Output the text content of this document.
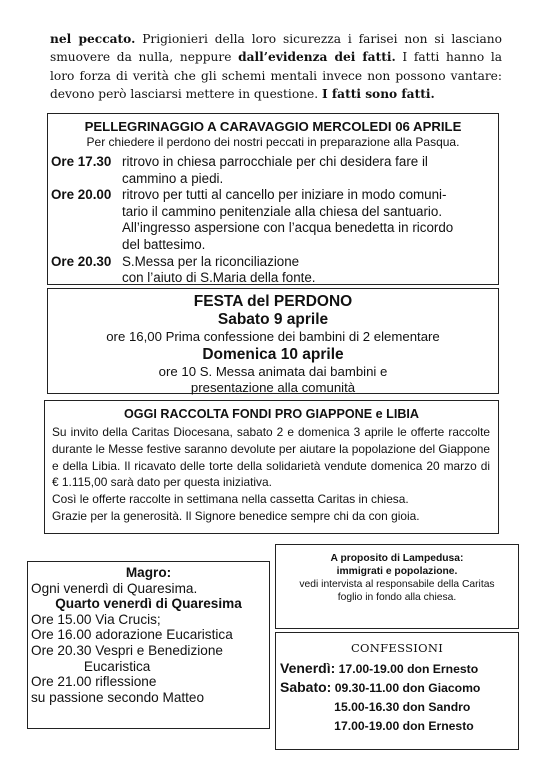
nel peccato. Prigionieri della loro sicurezza i farisei non si lasciano smuovere da nulla, neppure dall’evidenza dei fatti. I fatti hanno la loro forza di verità che gli schemi mentali invece non possono vantare: devono però lasciarsi mettere in questione. I fatti sono fatti.
PELLEGRINAGGIO A CARAVAGGIO MERCOLEDI 06 APRILE
Per chiedere il perdono dei nostri peccati in preparazione alla Pasqua.
Ore 17.30 ritrovo in chiesa parrocchiale per chi desidera fare il
cammino a piedi.
Ore 20.00 ritrovo per tutti al cancello per iniziare in modo comuni-
tario il cammino penitenziale alla chiesa del santuario.
All’ingresso aspersione con l’acqua benedetta in ricordo
del battesimo.
Ore 20.30 S.Messa per la riconciliazione
con l’aiuto di S.Maria della fonte.
FESTA del PERDONO
Sabato 9 aprile
ore 16,00 Prima confessione dei bambini di 2 elementare
Domenica 10 aprile
ore 10 S. Messa animata dai bambini e
presentazione alla comunità
OGGI RACCOLTA FONDI PRO GIAPPONE e LIBIA
Su invito della Caritas Diocesana, sabato 2 e domenica 3 aprile le offerte raccolte durante le Messe festive saranno devolute per aiutare la popolazione del Giappone e della Libia. Il ricavato delle torte della solidarietà vendute domenica 20 marzo di € 1.115,00 sarà dato per questa iniziativa.
Così le offerte raccolte in settimana nella cassetta Caritas in chiesa.
Grazie per la generosità. Il Signore benedice sempre chi da con gioia.
Magro:
Ogni venerdì di Quaresima.
Quarto venerdì di Quaresima
Ore 15.00 Via Crucis;
Ore 16.00 adorazione Eucaristica
Ore 20.30 Vespri e Benedizione
Eucaristica
Ore 21.00 riflessione
su passione secondo Matteo
A proposito di Lampedusa:
immigrati e popolazione.
vedi intervista al responsabile della Caritas
foglio in fondo alla chiesa.
CONFESSIONI
Venerdì: 17.00-19.00 don Ernesto
Sabato: 09.30-11.00 don Giacomo
15.00-16.30 don Sandro
17.00-19.00 don Ernesto
